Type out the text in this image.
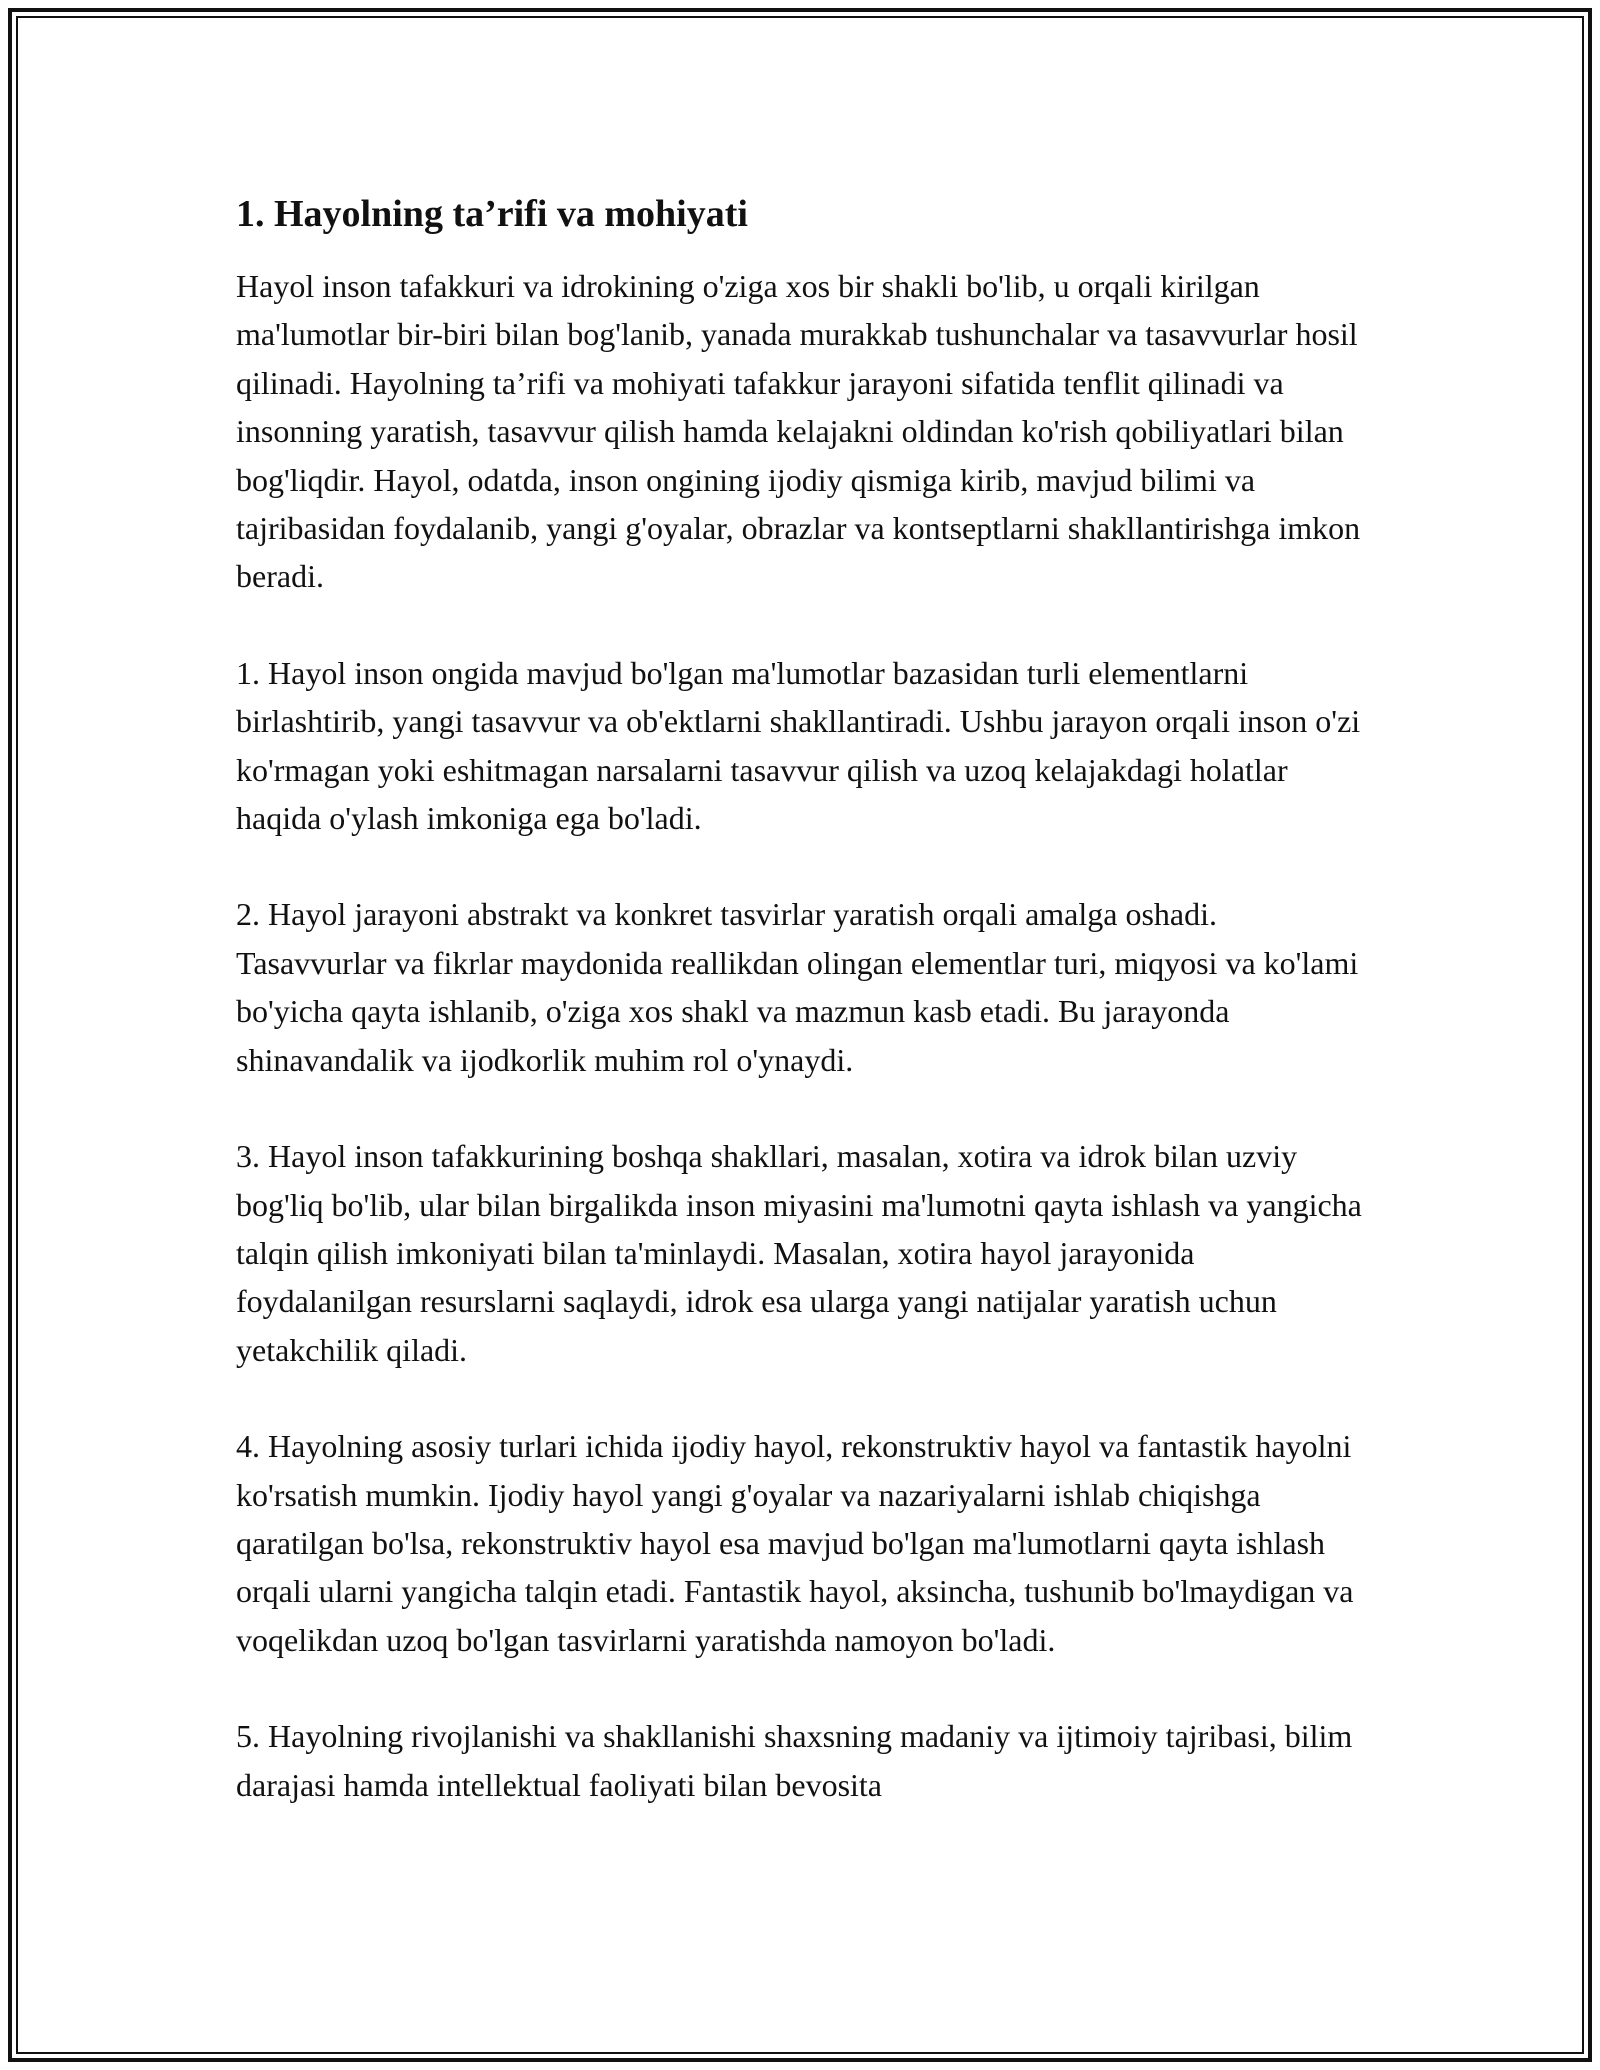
1. Hayolning ta’rifi va mohiyati

Hayol inson tafakkuri va idrokining o'ziga xos bir shakli bo'lib, u orqali kirilgan ma'lumotlar bir-biri bilan bog'lanib, yanada murakkab tushunchalar va tasavvurlar hosil qilinadi. Hayolning ta’rifi va mohiyati tafakkur jarayoni sifatida tenflit qilinadi va insonning yaratish, tasavvur qilish hamda kelajakni oldindan ko'rish qobiliyatlari bilan bog'liqdir. Hayol, odatda, inson ongining ijodiy qismiga kirib, mavjud bilimi va tajribasidan foydalanib, yangi g'oyalar, obrazlar va kontseptlarni shakllantirishga imkon beradi.

1. Hayol inson ongida mavjud bo'lgan ma'lumotlar bazasidan turli elementlarni birlashtirib, yangi tasavvur va ob'ektlarni shakllantiradi. Ushbu jarayon orqali inson o'zi ko'rmagan yoki eshitmagan narsalarni tasavvur qilish va uzoq kelajakdagi holatlar haqida o'ylash imkoniga ega bo'ladi.

2. Hayol jarayoni abstrakt va konkret tasvirlar yaratish orqali amalga oshadi. Tasavvurlar va fikrlar maydonida reallikdan olingan elementlar turi, miqyosi va ko'lami bo'yicha qayta ishlanib, o'ziga xos shakl va mazmun kasb etadi. Bu jarayonda shinavandalik va ijodkorlik muhim rol o'ynaydi.

3. Hayol inson tafakkurining boshqa shakllari, masalan, xotira va idrok bilan uzviy bog'liq bo'lib, ular bilan birgalikda inson miyasini ma'lumotni qayta ishlash va yangicha talqin qilish imkoniyati bilan ta'minlaydi. Masalan, xotira hayol jarayonida foydalanilgan resurslarni saqlaydi, idrok esa ularga yangi natijalar yaratish uchun yetakchilik qiladi.

4. Hayolning asosiy turlari ichida ijodiy hayol, rekonstruktiv hayol va fantastik hayolni ko'rsatish mumkin. Ijodiy hayol yangi g'oyalar va nazariyalarni ishlab chiqishga qaratilgan bo'lsa, rekonstruktiv hayol esa mavjud bo'lgan ma'lumotlarni qayta ishlash orqali ularni yangicha talqin etadi. Fantastik hayol, aksincha, tushunib bo'lmaydigan va voqelikdan uzoq bo'lgan tasvirlarni yaratishda namoyon bo'ladi.

5. Hayolning rivojlanishi va shakllanishi shaxsning madaniy va ijtimoiy tajribasi, bilim darajasi hamda intellektual faoliyati bilan bevosita
